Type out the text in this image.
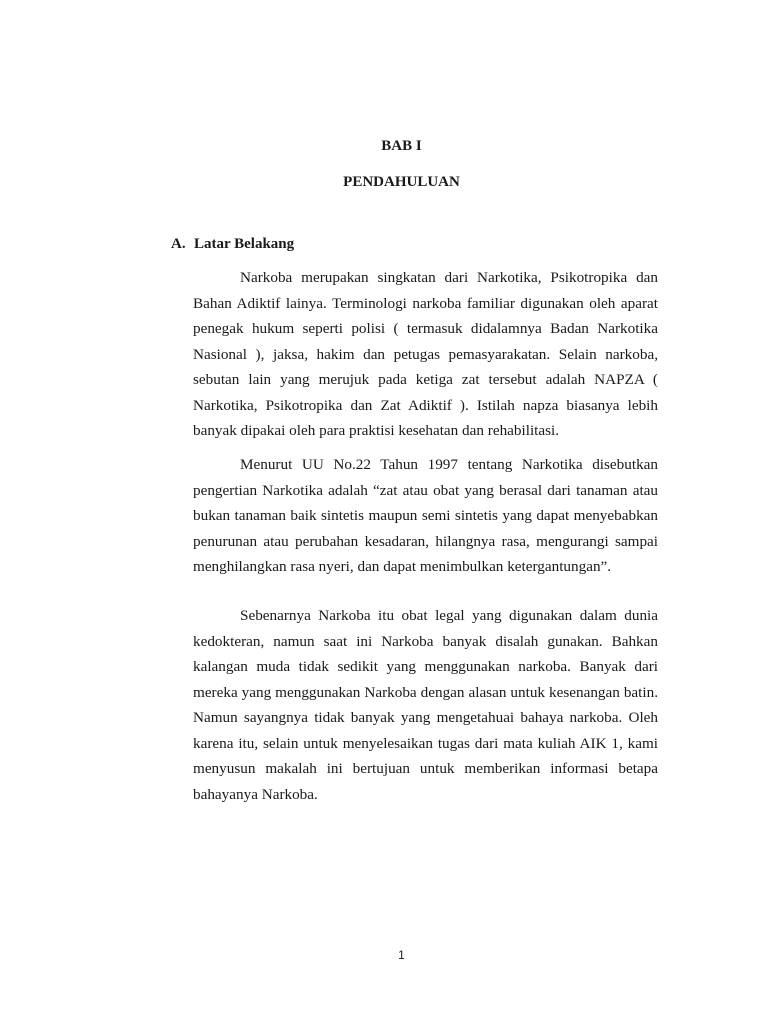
BAB I
PENDAHULUAN
A. Latar Belakang

Narkoba merupakan singkatan dari Narkotika, Psikotropika dan Bahan Adiktif lainya. Terminologi narkoba familiar digunakan oleh aparat penegak hukum seperti polisi ( termasuk didalamnya Badan Narkotika Nasional ), jaksa, hakim dan petugas pemasyarakatan. Selain narkoba, sebutan lain yang merujuk pada ketiga zat tersebut adalah NAPZA ( Narkotika, Psikotropika dan Zat Adiktif ). Istilah napza biasanya lebih banyak dipakai oleh para praktisi kesehatan dan rehabilitasi.

Menurut UU No.22 Tahun 1997 tentang Narkotika disebutkan pengertian Narkotika adalah “zat atau obat yang berasal dari tanaman atau bukan tanaman baik sintetis maupun semi sintetis yang dapat menyebabkan penurunan atau perubahan kesadaran, hilangnya rasa, mengurangi sampai menghilangkan rasa nyeri, dan dapat menimbulkan ketergantungan”.

Sebenarnya Narkoba itu obat legal yang digunakan dalam dunia kedokteran, namun saat ini Narkoba banyak disalah gunakan. Bahkan kalangan muda tidak sedikit yang menggunakan narkoba. Banyak dari mereka yang menggunakan Narkoba dengan alasan untuk kesenangan batin. Namun sayangnya tidak banyak yang mengetahuai bahaya narkoba. Oleh karena itu, selain untuk menyelesaikan tugas dari mata kuliah AIK 1, kami menyusun makalah ini bertujuan untuk memberikan informasi betapa bahayanya Narkoba.

1
